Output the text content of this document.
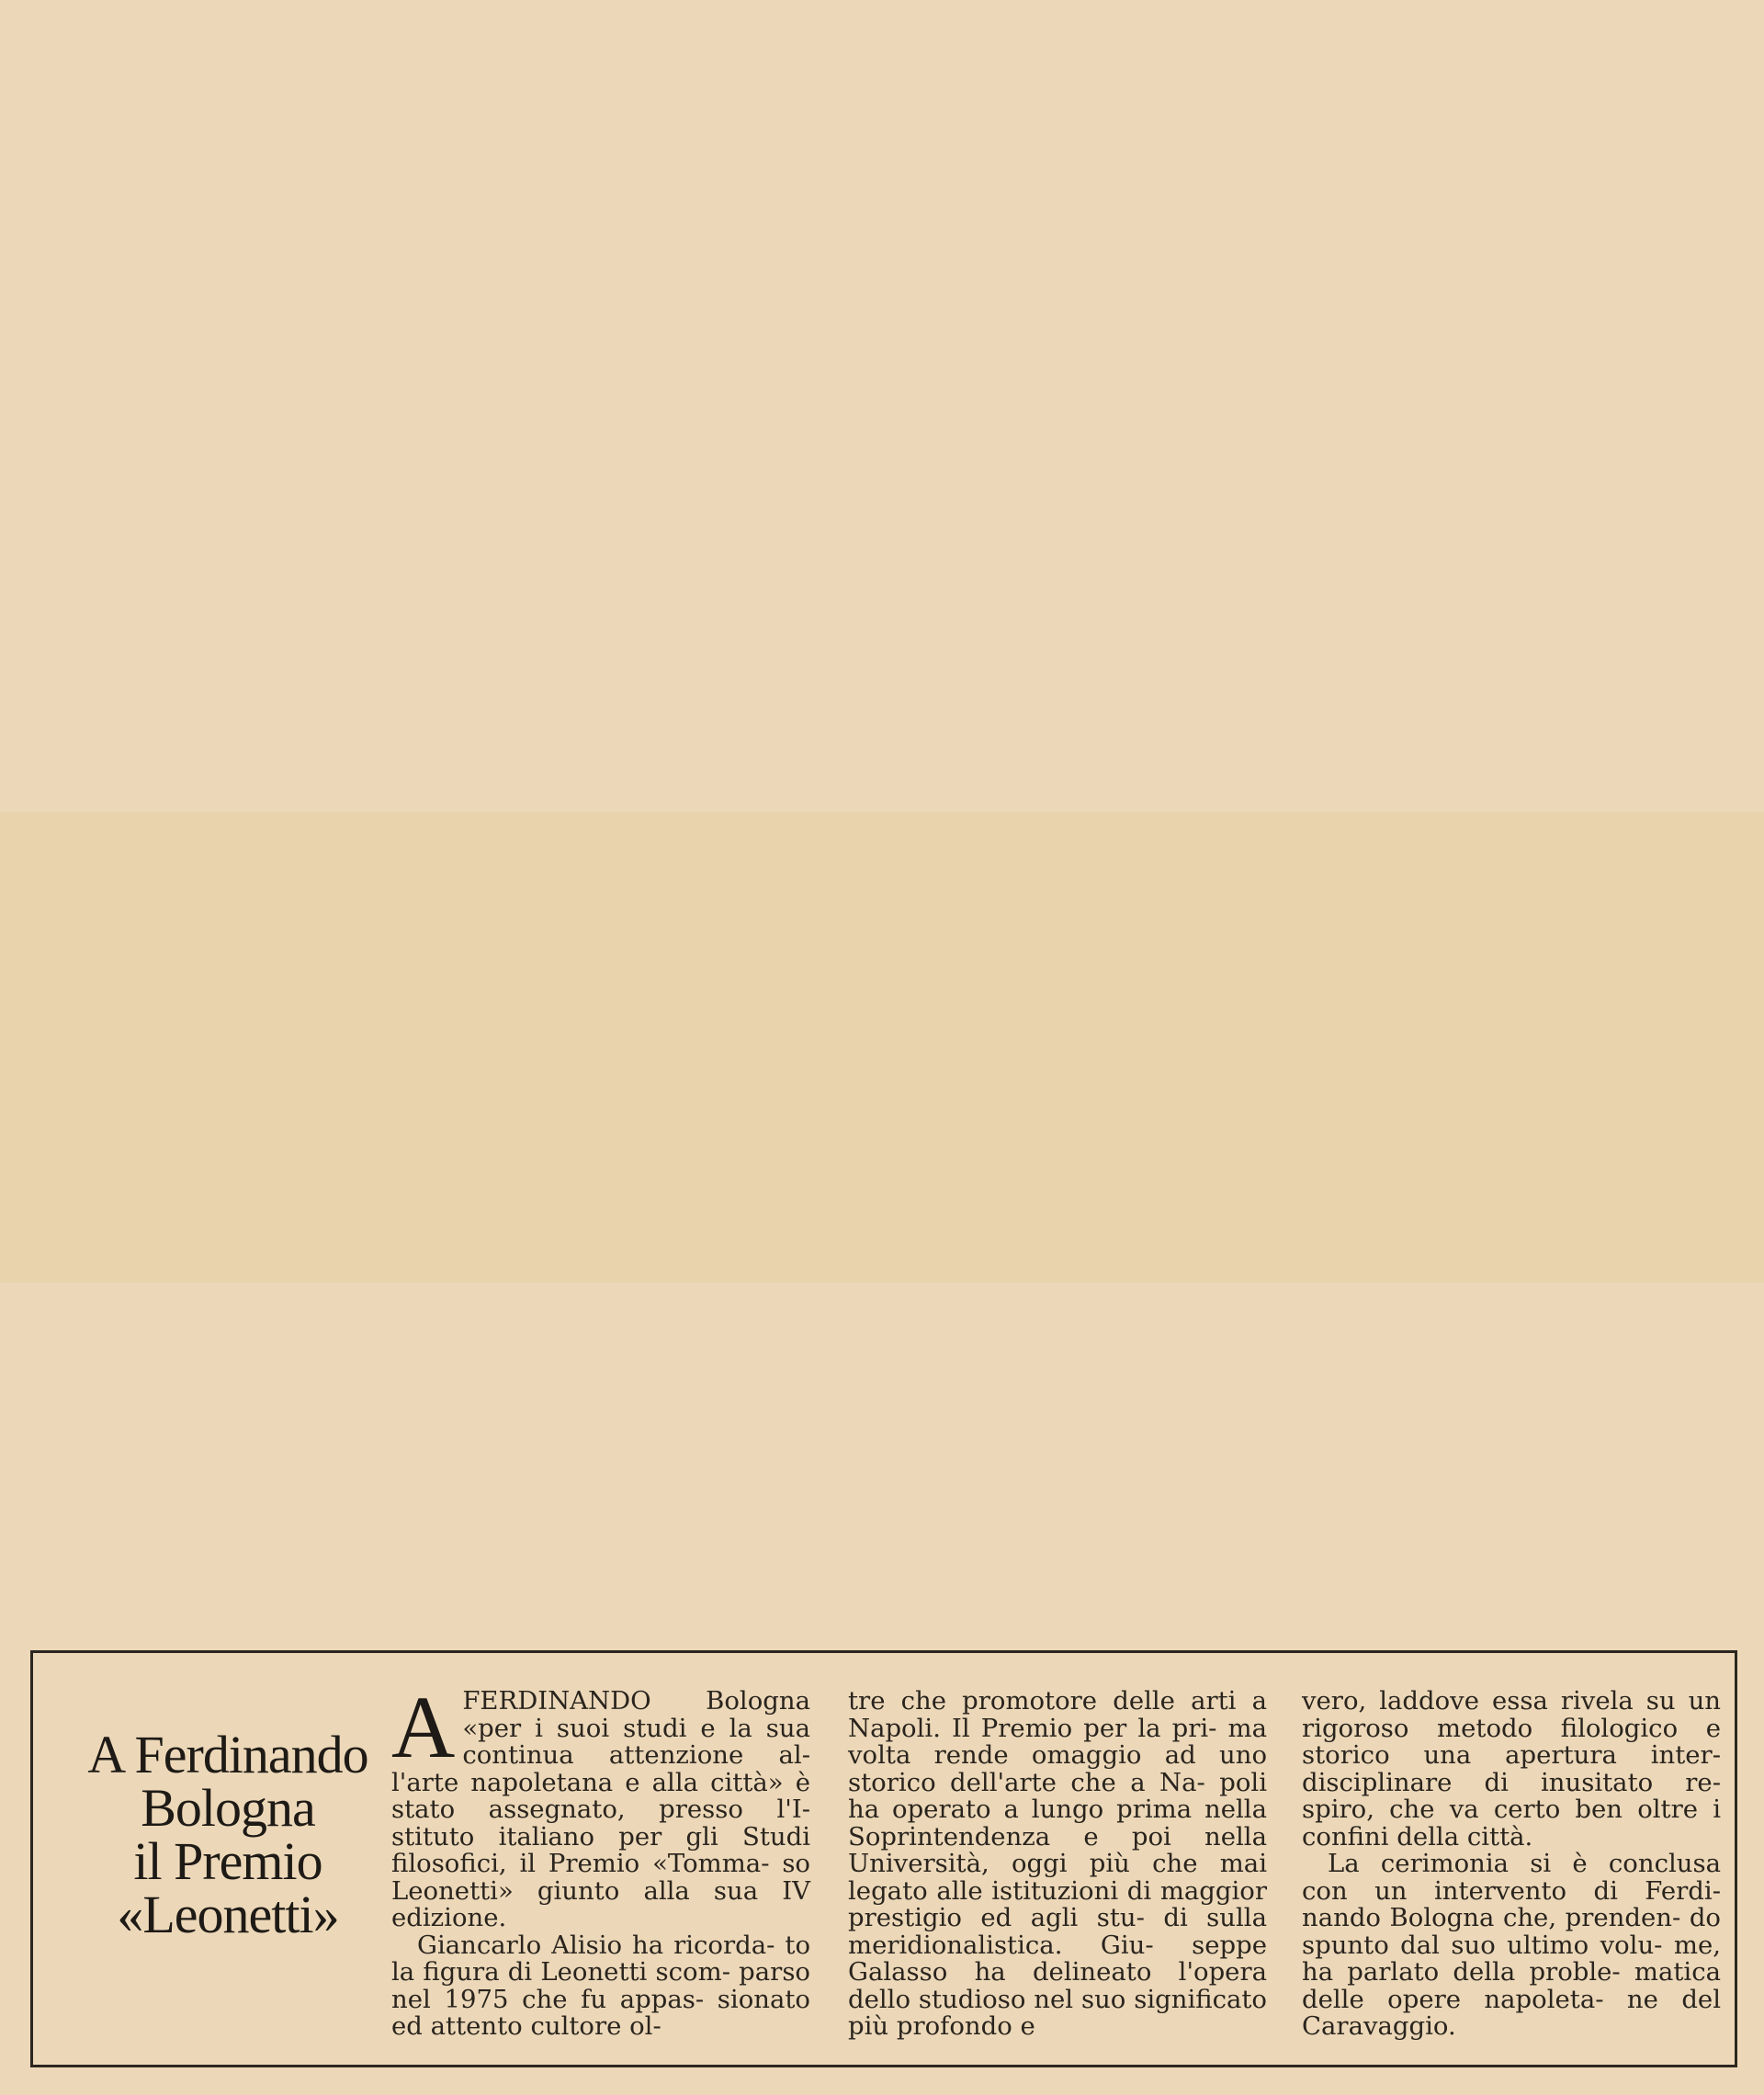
A Ferdinando
Bologna
il Premio
«Leonetti»
A FERDINANDO Bologna «per i suoi studi e la sua continua attenzione al- l'arte napoletana e alla città» è stato assegnato, presso l'I- stituto italiano per gli Studi filosofici, il Premio «Tomma- so Leonetti» giunto alla sua IV edizione.

Giancarlo Alisio ha ricorda- to la figura di Leonetti scom- parso nel 1975 che fu appas- sionato ed attento cultore ol-

tre che promotore delle arti a Napoli. Il Premio per la pri- ma volta rende omaggio ad uno storico dell'arte che a Na- poli ha operato a lungo prima nella Soprintendenza e poi nella Università, oggi più che mai legato alle istituzioni di maggior prestigio ed agli stu- di sulla meridionalistica. Giu- seppe Galasso ha delineato l'opera dello studioso nel suo significato più profondo e

vero, laddove essa rivela su un rigoroso metodo filologico e storico una apertura inter- disciplinare di inusitato re- spiro, che va certo ben oltre i confini della città.

La cerimonia si è conclusa con un intervento di Ferdi- nando Bologna che, prenden- do spunto dal suo ultimo volu- me, ha parlato della proble- matica delle opere napoleta- ne del Caravaggio.
